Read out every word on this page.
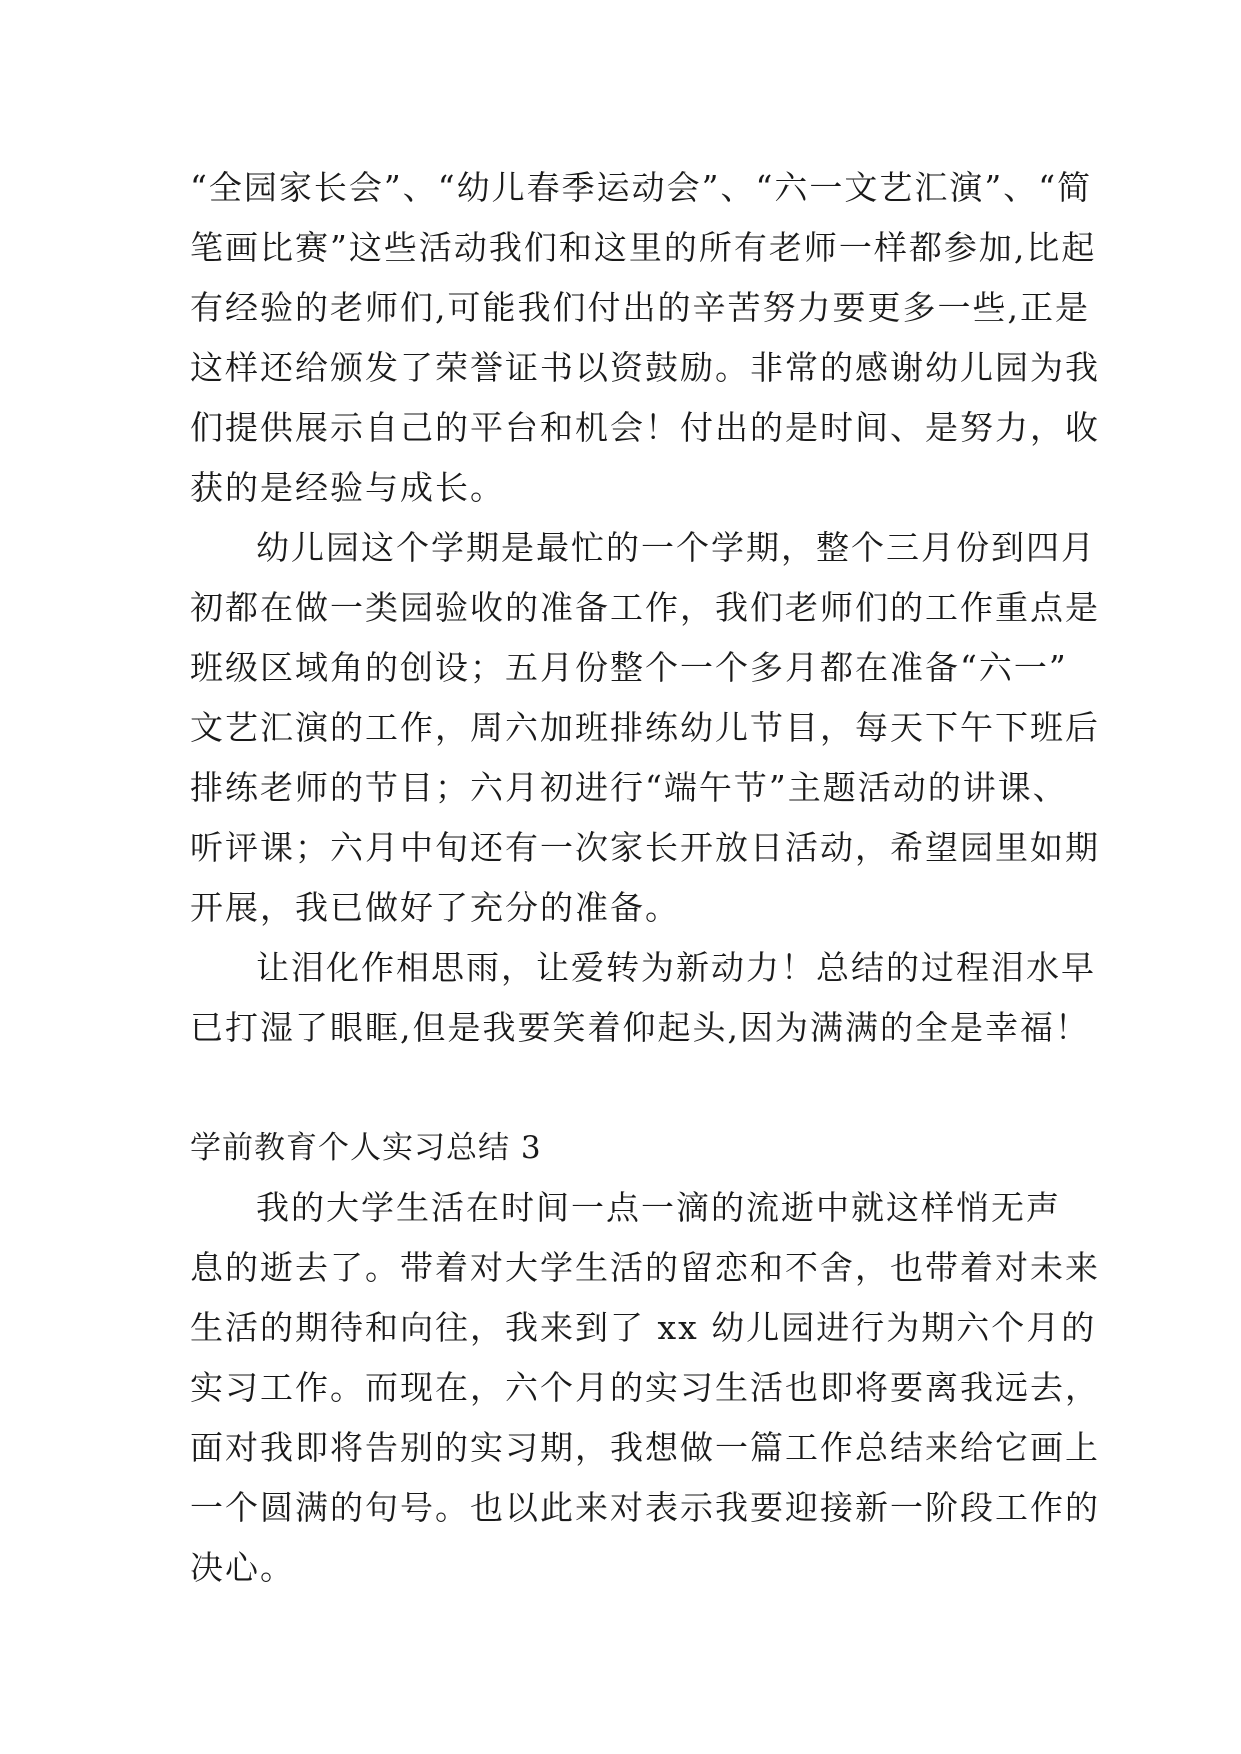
“全园家长会”、“幼儿春季运动会”、“六一文艺汇演”、“简
笔画比赛”这些活动我们和这里的所有老师一样都参加,比起
有经验的老师们,可能我们付出的辛苦努力要更多一些,正是
这样还给颁发了荣誉证书以资鼓励。非常的感谢幼儿园为我
们提供展示自己的平台和机会！付出的是时间、是努力，收
获的是经验与成长。
幼儿园这个学期是最忙的一个学期，整个三月份到四月
初都在做一类园验收的准备工作，我们老师们的工作重点是
班级区域角的创设；五月份整个一个多月都在准备“六一”
文艺汇演的工作，周六加班排练幼儿节目，每天下午下班后
排练老师的节目；六月初进行“端午节”主题活动的讲课、
听评课；六月中旬还有一次家长开放日活动，希望园里如期
开展，我已做好了充分的准备。
让泪化作相思雨，让爱转为新动力！总结的过程泪水早
已打湿了眼眶,但是我要笑着仰起头,因为满满的全是幸福！
学前教育个人实习总结 3
我的大学生活在时间一点一滴的流逝中就这样悄无声
息的逝去了。带着对大学生活的留恋和不舍，也带着对未来
生活的期待和向往，我来到了 xx 幼儿园进行为期六个月的
实习工作。而现在，六个月的实习生活也即将要离我远去，
面对我即将告别的实习期，我想做一篇工作总结来给它画上
一个圆满的句号。也以此来对表示我要迎接新一阶段工作的
决心。
